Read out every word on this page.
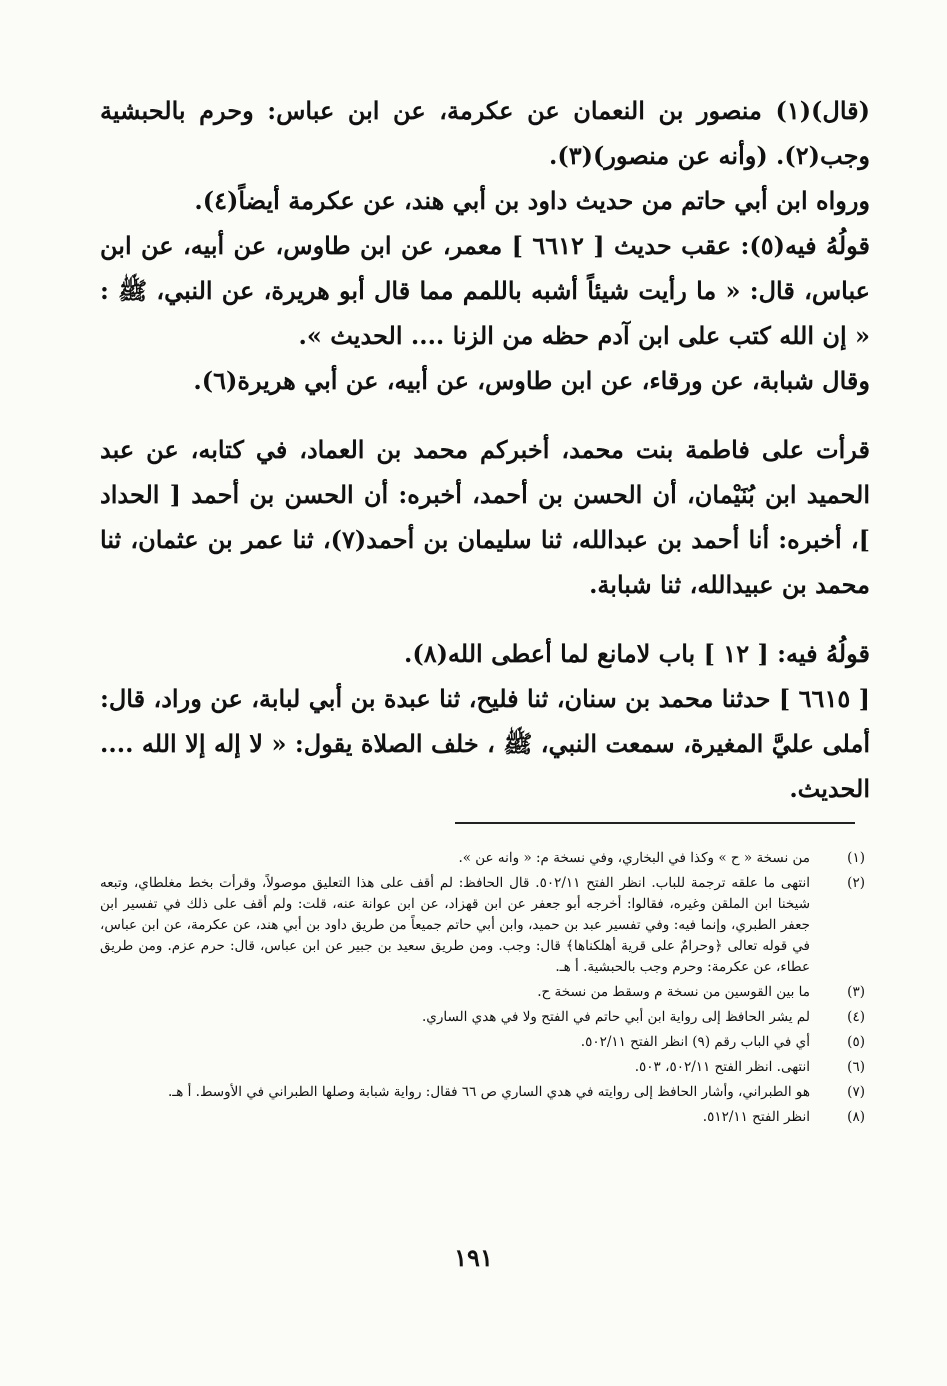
(قال)(١) منصور بن النعمان عن عكرمة، عن ابن عباس: وحرم بالحبشية وجب(٢). (وأنه عن منصور)(٣).

ورواه ابن أبي حاتم من حديث داود بن أبي هند، عن عكرمة أيضاً(٤).

قولُهُ فيه(٥): عقب حديث [ ٦٦١٢ ] معمر، عن ابن طاوس، عن أبيه، عن ابن عباس، قال: « ما رأيت شيئاً أشبه باللمم مما قال أبو هريرة، عن النبي، ﷺ : « إن الله كتب على ابن آدم حظه من الزنا .... الحديث ».

وقال شبابة، عن ورقاء، عن ابن طاوس، عن أبيه، عن أبي هريرة(٦).

قرأت على فاطمة بنت محمد، أخبركم محمد بن العماد، في كتابه، عن عبد الحميد ابن بُنَيْمان، أن الحسن بن أحمد، أخبره: أن الحسن بن أحمد [ الحداد ]، أخبره: أنا أحمد بن عبدالله، ثنا سليمان بن أحمد(٧)، ثنا عمر بن عثمان، ثنا محمد بن عبيدالله، ثنا شبابة.

قولُهُ فيه: [ ١٢ ] باب لامانع لما أعطى الله(٨).

[ ٦٦١٥ ] حدثنا محمد بن سنان، ثنا فليح، ثنا عبدة بن أبي لبابة، عن وراد، قال: أملى عليَّ المغيرة، سمعت النبي، ﷺ ، خلف الصلاة يقول: « لا إله إلا الله .... الحديث.

(١)
من نسخة « ح » وكذا في البخاري، وفي نسخة م: « وانه عن ».
(٢)
انتهى ما علقه ترجمة للباب. انظر الفتح ٥٠٢/١١. قال الحافظ: لم أقف على هذا التعليق موصولاً، وقرأت بخط مغلطاي، وتبعه شيخنا ابن الملقن وغيره، فقالوا: أخرجه أبو جعفر عن ابن قهزاد، عن ابن عوانة عنه، قلت: ولم أقف على ذلك في تفسير ابن جعفر الطبري، وإنما فيه: وفي تفسير عبد بن حميد، وابن أبي حاتم جميعاً من طريق داود بن أبي هند، عن عكرمة، عن ابن عباس، في قوله تعالى ﴿وحرامٌ على قرية أهلكناها﴾ قال: وجب. ومن طريق سعيد بن جبير عن ابن عباس، قال: حرم عزم. ومن طريق عطاء، عن عكرمة: وحرم وجب بالحبشية. أ هـ.
(٣)
ما بين القوسين من نسخة م وسقط من نسخة ح.
(٤)
لم يشر الحافظ إلى رواية ابن أبي حاتم في الفتح ولا في هدي الساري.
(٥)
أي في الباب رقم (٩) انظر الفتح ٥٠٢/١١.
(٦)
انتهى. انظر الفتح ٥٠٢/١١، ٥٠٣.
(٧)
هو الطبراني، وأشار الحافظ إلى روايته في هدي الساري ص ٦٦ فقال: رواية شبابة وصلها الطبراني في الأوسط. أ هـ.
(٨)
انظر الفتح ٥١٢/١١.
١٩١
